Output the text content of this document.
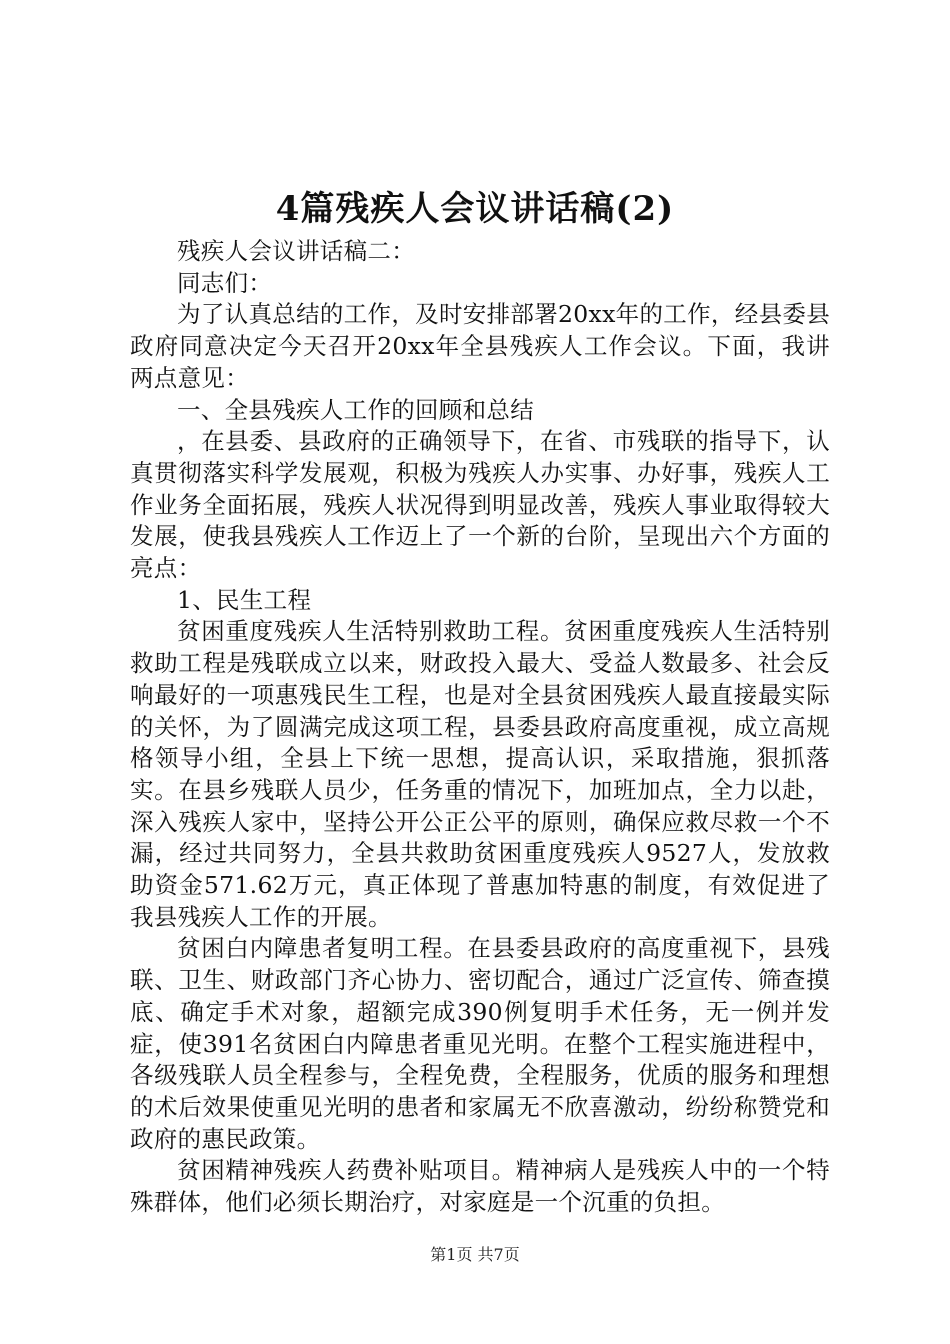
4篇残疾人会议讲话稿(2)

残疾人会议讲话稿二：

同志们：

为了认真总结的工作，及时安排部署20xx年的工作，经县委县政府同意决定今天召开20xx年全县残疾人工作会议。下面，我讲两点意见：

一、全县残疾人工作的回顾和总结

，在县委、县政府的正确领导下，在省、市残联的指导下，认真贯彻落实科学发展观，积极为残疾人办实事、办好事，残疾人工作业务全面拓展，残疾人状况得到明显改善，残疾人事业取得较大发展，使我县残疾人工作迈上了一个新的台阶，呈现出六个方面的亮点：

1、民生工程

贫困重度残疾人生活特别救助工程。贫困重度残疾人生活特别救助工程是残联成立以来，财政投入最大、受益人数最多、社会反响最好的一项惠残民生工程，也是对全县贫困残疾人最直接最实际的关怀，为了圆满完成这项工程，县委县政府高度重视，成立高规格领导小组，全县上下统一思想，提高认识，采取措施，狠抓落实。在县乡残联人员少，任务重的情况下，加班加点，全力以赴，深入残疾人家中，坚持公开公正公平的原则，确保应救尽救一个不漏，经过共同努力，全县共救助贫困重度残疾人9527人，发放救助资金571.62万元，真正体现了普惠加特惠的制度，有效促进了我县残疾人工作的开展。

贫困白内障患者复明工程。在县委县政府的高度重视下，县残联、卫生、财政部门齐心协力、密切配合，通过广泛宣传、筛查摸底、确定手术对象，超额完成390例复明手术任务，无一例并发症，使391名贫困白内障患者重见光明。在整个工程实施进程中，各级残联人员全程参与，全程免费，全程服务，优质的服务和理想的术后效果使重见光明的患者和家属无不欣喜激动，纷纷称赞党和政府的惠民政策。

贫困精神残疾人药费补贴项目。精神病人是残疾人中的一个特殊群体，他们必须长期治疗，对家庭是一个沉重的负担。

第1页 共7页
